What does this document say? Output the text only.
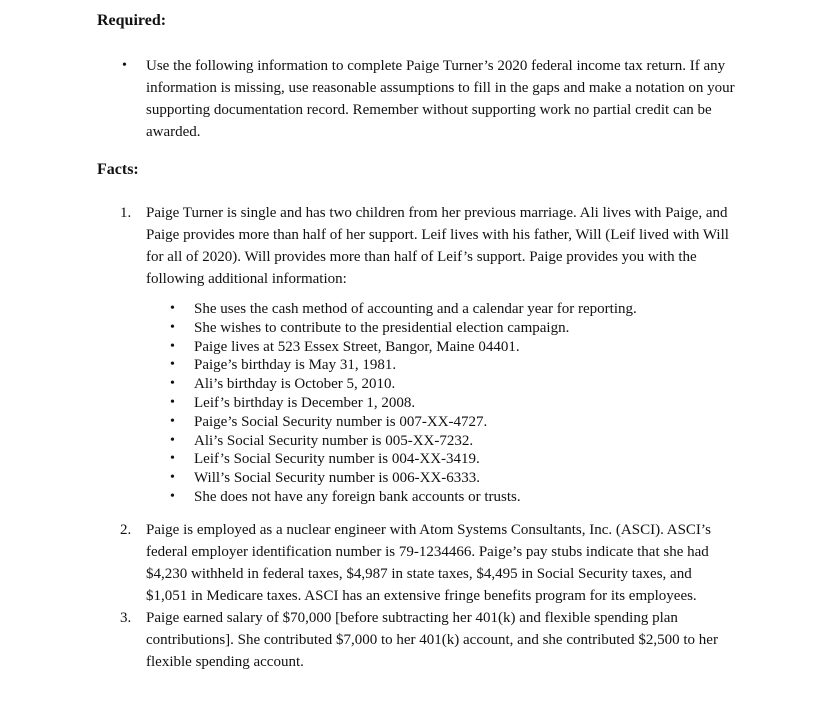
Required:
• Use the following information to complete Paige Turner’s 2020 federal income tax return. If any information is missing, use reasonable assumptions to fill in the gaps and make a notation on your supporting documentation record. Remember without supporting work no partial credit can be awarded.
Facts:
1. Paige Turner is single and has two children from her previous marriage. Ali lives with Paige, and Paige provides more than half of her support. Leif lives with his father, Will (Leif lived with Will for all of 2020). Will provides more than half of Leif’s support. Paige provides you with the following additional information:
• She uses the cash method of accounting and a calendar year for reporting.
• She wishes to contribute to the presidential election campaign.
• Paige lives at 523 Essex Street, Bangor, Maine 04401.
• Paige’s birthday is May 31, 1981.
• Ali’s birthday is October 5, 2010.
• Leif’s birthday is December 1, 2008.
• Paige’s Social Security number is 007-XX-4727.
• Ali’s Social Security number is 005-XX-7232.
• Leif’s Social Security number is 004-XX-3419.
• Will’s Social Security number is 006-XX-6333.
• She does not have any foreign bank accounts or trusts.
2. Paige is employed as a nuclear engineer with Atom Systems Consultants, Inc. (ASCI). ASCI’s federal employer identification number is 79-1234466. Paige’s pay stubs indicate that she had $4,230 withheld in federal taxes, $4,987 in state taxes, $4,495 in Social Security taxes, and $1,051 in Medicare taxes. ASCI has an extensive fringe benefits program for its employees.
3. Paige earned salary of $70,000 [before subtracting her 401(k) and flexible spending plan contributions]. She contributed $7,000 to her 401(k) account, and she contributed $2,500 to her flexible spending account.
